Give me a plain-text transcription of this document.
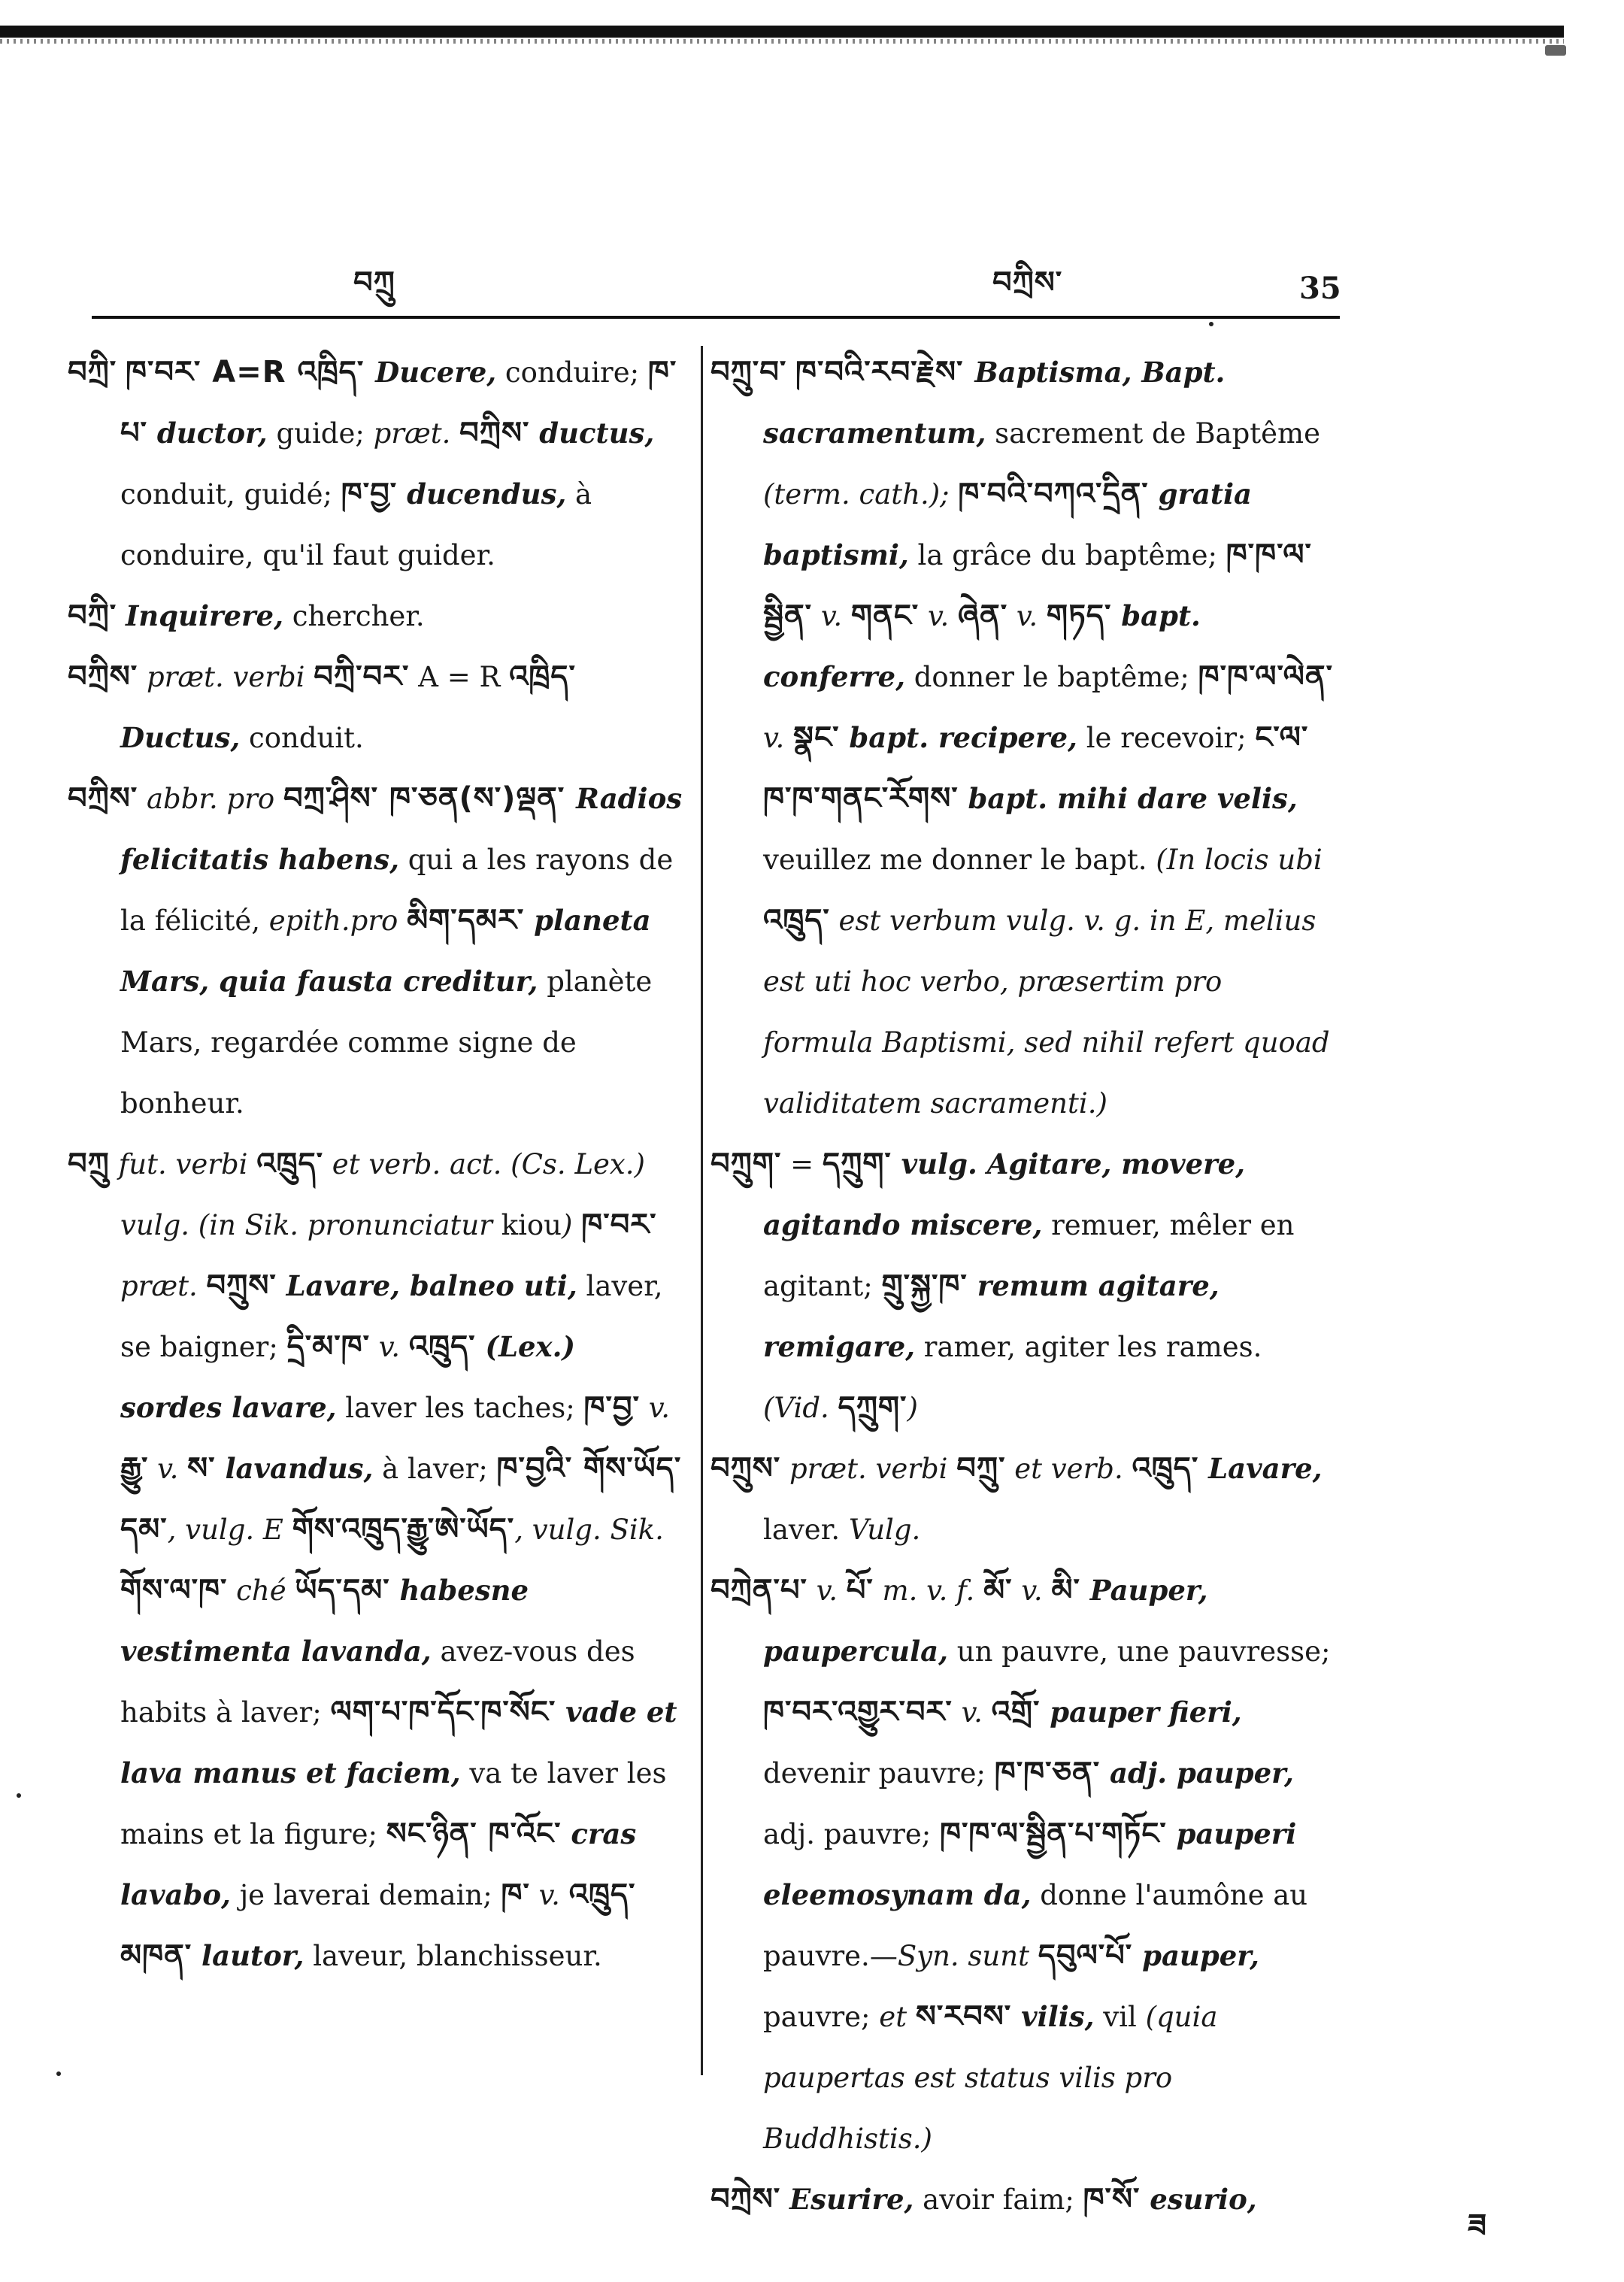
བཀྲུ	བཀྲིས་	35

བཀྲི་ ཁ་བར་ A=R འཁྲིད་ Ducere, conduire; ཁ་པ་ ductor, guide; præt. བཀྲིས་ ductus, conduit, guidé; ཁ་བྱ་ ducendus, à conduire, qu'il faut guider.

བཀྲི་ Inquirere, chercher.

བཀྲིས་ præt. verbi བཀྲི་བར་ A = R འཁྲིད་ Ductus, conduit.

བཀྲིས་ abbr. pro བཀྲ་ཤིས་ ཁ་ཅན(ས་)ལྡན་ Radios felicitatis habens, qui a les rayons de la félicité, epith.pro མིག་དམར་ planeta Mars, quia fausta creditur, planète Mars, regardée comme signe de bonheur.

བཀྲུ fut. verbi འཁྲུད་ et verb. act. (Cs. Lex.) vulg. (in Sik. pronunciatur kiou) ཁ་བར་ præt. བཀྲུས་ Lavare, balneo uti, laver, se baigner; དྲི་མ་ཁ་ v. འཁྲུད་ (Lex.) sordes lavare, laver les taches; ཁ་བྱ་ v. རྒྱུ་ v. ས་ lavandus, à laver; ཁ་བྱའི་ གོས་ཡོད་དམ་, vulg. E གོས་འཁྲུད་རྒྱུ་ཨེ་ཡོད་, vulg. Sik. གོས་ལ་ཁ་ ché ཡོད་དམ་ habesne vestimenta lavanda, avez-vous des habits à laver; ལག་པ་ཁ་དོང་ཁ་སོང་ vade et lava manus et faciem, va te laver les mains et la figure; སང་ཉིན་ ཁ་འོང་ cras lavabo, je laverai demain; ཁ་ v. འཁྲུད་མཁན་ lautor, laveur, blanchisseur.

བཀྲུ་བ་ ཁ་བའི་རབ་རྗེས་ Baptisma, Bapt. sacramentum, sacrement de Baptême (term. cath.); ཁ་བའི་བཀའ་དྲིན་ gratia baptismi, la grâce du baptême; ཁ་ཁ་ལ་སྦྱིན་ v. གནང་ v. ཞེན་ v. གཏད་ bapt. conferre, donner le baptême; ཁ་ཁ་ལ་ལེན་ v. སྣང་ bapt. recipere, le recevoir; ང་ལ་ཁ་ཁ་གནང་རོགས་ bapt. mihi dare velis, veuillez me donner le bapt. (In locis ubi འཁྲུད་ est verbum vulg. v. g. in E, melius est uti hoc verbo, præsertim pro formula Baptismi, sed nihil refert quoad validitatem sacramenti.)

བཀྲུག་ = དཀྲུག་ vulg. Agitare, movere, agitando miscere, remuer, mêler en agitant; གྲུ་སྐྱ་ཁ་ remum agitare, remigare, ramer, agiter les rames. (Vid. དཀྲུག་)

བཀྲུས་ præt. verbi བཀྲུ་ et verb. འཁྲུད་ Lavare, laver. Vulg.

བཀྲེན་པ་ v. པོ་ m. v. f. མོ་ v. མི་ Pauper, paupercula, un pauvre, une pauvresse; ཁ་བར་འགྱུར་བར་ v. འགྲོ་ pauper fieri, devenir pauvre; ཁ་ཁ་ཅན་ adj. pauper, adj. pauvre; ཁ་ཁ་ལ་སྦྱིན་པ་གཏོང་ pauperi eleemosynam da, donne l'aumône au pauvre.—Syn. sunt དབུལ་པོ་ pauper, pauvre; et ས་རབས་ vilis, vil (quia paupertas est status vilis pro Buddhistis.)

བཀྲེས་ Esurire, avoir faim; ཁ་སོ་ esurio,

ཟ
